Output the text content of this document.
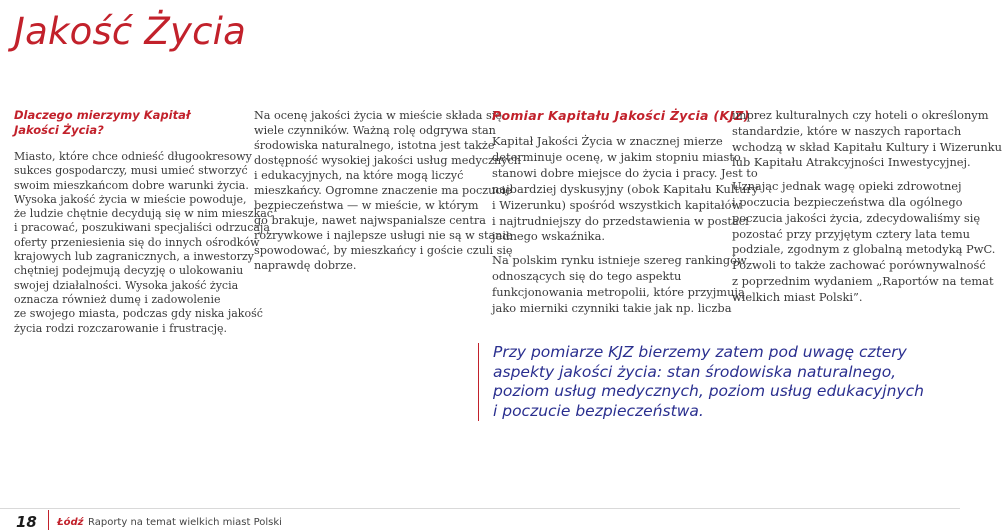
Jakość Życia
Dlaczego mierzymy Kapitał
Jakości Życia?

Miasto, które chce odnieść długookresowy

sukces gospodarczy, musi umieć stworzyć

swoim mieszkańcom dobre warunki życia.

Wysoka jakość życia w mieście powoduje,

że ludzie chętnie decydują się w nim mieszkać

i pracować, poszukiwani specjaliści odrzucają

oferty przeniesienia się do innych ośrodków

krajowych lub zagranicznych, a inwestorzy

chętniej podejmują decyzję o ulokowaniu

swojej działalności. Wysoka jakość życia

oznacza również dumę i zadowolenie

ze swojego miasta, podczas gdy niska jakość

życia rodzi rozczarowanie i frustrację.

Na ocenę jakości życia w mieście składa się

wiele czynników. Ważną rolę odgrywa stan

środowiska naturalnego, istotna jest także

dostępność wysokiej jakości usług medycznych

i edukacyjnych, na które mogą liczyć

mieszkańcy. Ogromne znaczenie ma poczucie

bezpieczeństwa — w mieście, w którym

go brakuje, nawet najwspanialsze centra

rozrywkowe i najlepsze usługi nie są w stanie

spowodować, by mieszkańcy i goście czuli się

naprawdę dobrze.

Pomiar Kapitału Jakości Życia (KJZ)

Kapitał Jakości Życia w znacznej mierze

determinuje ocenę, w jakim stopniu miasto

stanowi dobre miejsce do życia i pracy. Jest to

najbardziej dyskusyjny (obok Kapitału Kultury

i Wizerunku) spośród wszystkich kapitałów

i najtrudniejszy do przedstawienia w postaci

jednego wskaźnika.

Na polskim rynku istnieje szereg rankingów

odnoszących się do tego aspektu

funkcjonowania metropolii, które przyjmują

jako mierniki czynniki takie jak np. liczba

imprez kulturalnych czy hoteli o określonym

standardzie, które w naszych raportach

wchodzą w skład Kapitału Kultury i Wizerunku

lub Kapitału Atrakcyjności Inwestycyjnej.

Uznając jednak wagę opieki zdrowotnej

i poczucia bezpieczeństwa dla ogólnego

poczucia jakości życia, zdecydowaliśmy się

pozostać przy przyjętym cztery lata temu

podziale, zgodnym z globalną metodyką PwC.

Pozwoli to także zachować porównywalność

z poprzednim wydaniem „Raportów na temat

wielkich miast Polski”.

Przy pomiarze KJZ bierzemy zatem pod uwagę cztery
aspekty jakości życia: stan środowiska naturalnego,
poziom usług medycznych, poziom usług edukacyjnych
i poczucie bezpieczeństwa.
18 Łódź Raporty na temat wielkich miast Polski
